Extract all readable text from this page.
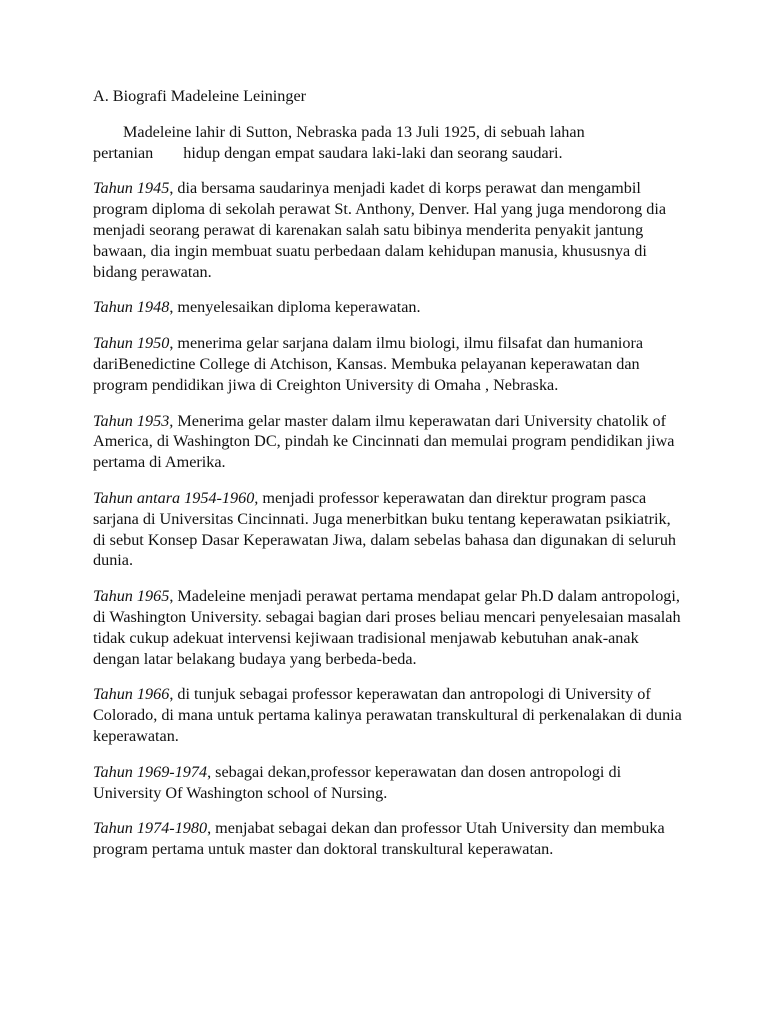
A. Biografi Madeleine Leininger

Madeleine lahir di Sutton, Nebraska pada 13 Juli 1925, di sebuah lahan
pertanian hidup dengan empat saudara laki-laki dan seorang saudari.

Tahun 1945, dia bersama saudarinya menjadi kadet di korps perawat dan mengambil program diploma di sekolah perawat St. Anthony, Denver. Hal yang juga mendorong dia menjadi seorang perawat di karenakan salah satu bibinya menderita penyakit jantung bawaan, dia ingin membuat suatu perbedaan dalam kehidupan manusia, khususnya di bidang perawatan.

Tahun 1948, menyelesaikan diploma keperawatan.

Tahun 1950, menerima gelar sarjana dalam ilmu biologi, ilmu filsafat dan humaniora dariBenedictine College di Atchison, Kansas. Membuka pelayanan keperawatan dan program pendidikan jiwa di Creighton University di Omaha , Nebraska.

Tahun 1953, Menerima gelar master dalam ilmu keperawatan dari University chatolik of America, di Washington DC, pindah ke Cincinnati dan memulai program pendidikan jiwa pertama di Amerika.

Tahun antara 1954-1960, menjadi professor keperawatan dan direktur program pasca sarjana di Universitas Cincinnati. Juga menerbitkan buku tentang keperawatan psikiatrik, di sebut Konsep Dasar Keperawatan Jiwa, dalam sebelas bahasa dan digunakan di seluruh dunia.

Tahun 1965, Madeleine menjadi perawat pertama mendapat gelar Ph.D dalam antropologi, di Washington University. sebagai bagian dari proses beliau mencari penyelesaian masalah tidak cukup adekuat intervensi kejiwaan tradisional menjawab kebutuhan anak-anak dengan latar belakang budaya yang berbeda-beda.

Tahun 1966, di tunjuk sebagai professor keperawatan dan antropologi di University of Colorado, di mana untuk pertama kalinya perawatan transkultural di perkenalakan di dunia keperawatan.

Tahun 1969-1974, sebagai dekan,professor keperawatan dan dosen antropologi di University Of Washington school of Nursing.

Tahun 1974-1980, menjabat sebagai dekan dan professor Utah University dan membuka program pertama untuk master dan doktoral transkultural keperawatan.
